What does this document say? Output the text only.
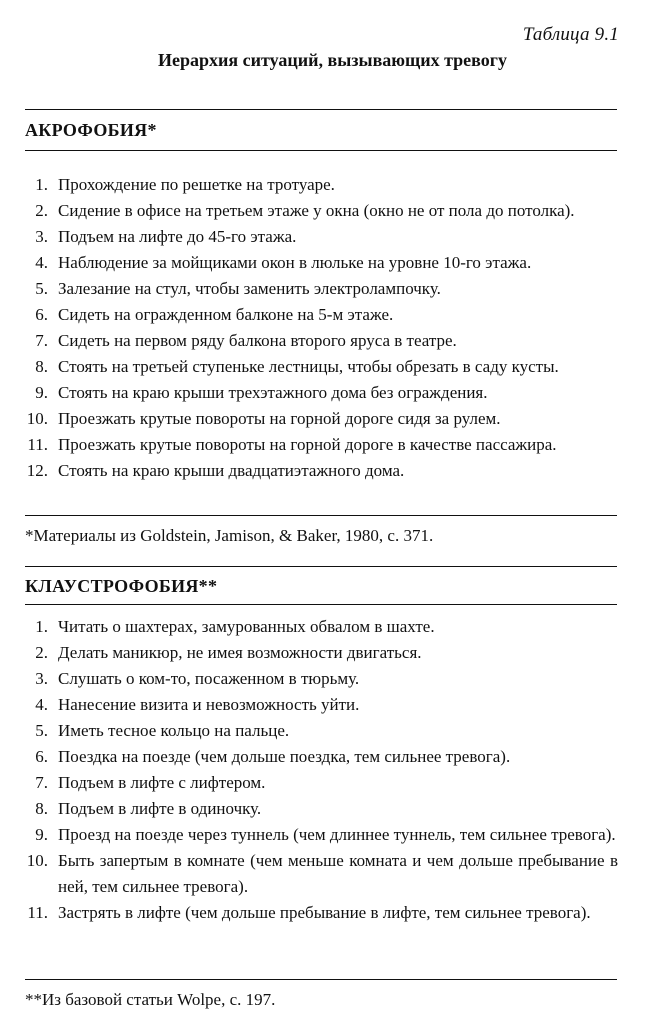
Таблица 9.1
Иерархия ситуаций, вызывающих тревогу
АКРОФОБИЯ*
1. Прохождение по решетке на тротуаре.
2. Сидение в офисе на третьем этаже у окна (окно не от пола до потолка).
3. Подъем на лифте до 45-го этажа.
4. Наблюдение за мойщиками окон в люльке на уровне 10-го этажа.
5. Залезание на стул, чтобы заменить электролампочку.
6. Сидеть на огражденном балконе на 5-м этаже.
7. Сидеть на первом ряду балкона второго яруса в театре.
8. Стоять на третьей ступеньке лестницы, чтобы обрезать в саду кусты.
9. Стоять на краю крыши трехэтажного дома без ограждения.
10. Проезжать крутые повороты на горной дороге сидя за рулем.
11. Проезжать крутые повороты на горной дороге в качестве пассажира.
12. Стоять на краю крыши двадцатиэтажного дома.
*Материалы из Goldstein, Jamison, & Baker, 1980, с. 371.
КЛАУСТРОФОБИЯ**
1. Читать о шахтерах, замурованных обвалом в шахте.
2. Делать маникюр, не имея возможности двигаться.
3. Слушать о ком-то, посаженном в тюрьму.
4. Нанесение визита и невозможность уйти.
5. Иметь тесное кольцо на пальце.
6. Поездка на поезде (чем дольше поездка, тем сильнее тревога).
7. Подъем в лифте с лифтером.
8. Подъем в лифте в одиночку.
9. Проезд на поезде через туннель (чем длиннее туннель, тем сильнее тревога).
10. Быть запертым в комнате (чем меньше комната и чем дольше пребывание в ней, тем сильнее тревога).
11. Застрять в лифте (чем дольше пребывание в лифте, тем сильнее тревога).
**Из базовой статьи Wolpe, с. 197.
